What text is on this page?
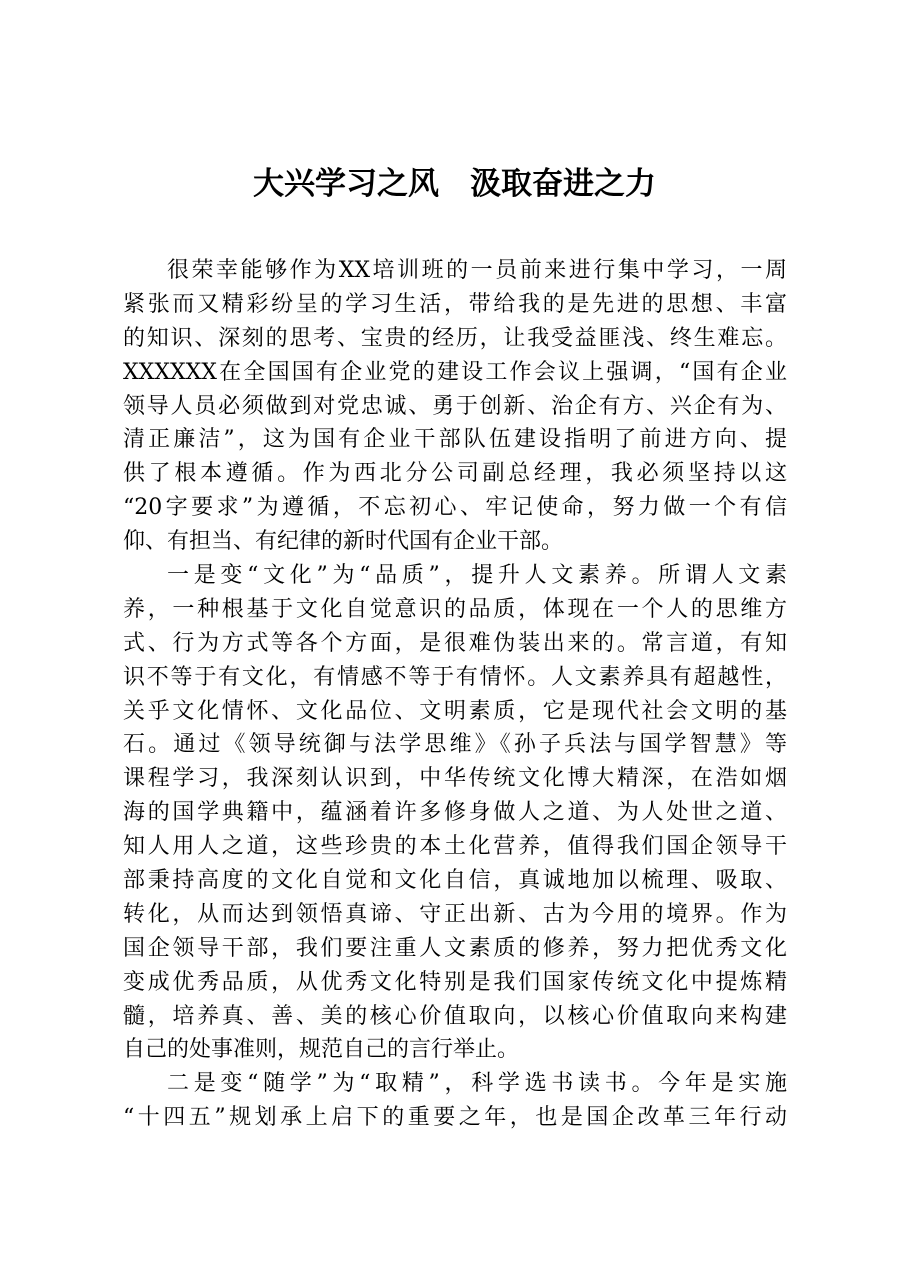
大兴学习之风　汲取奋进之力
很荣幸能够作为XX培训班的一员前来进行集中学习，一周
紧张而又精彩纷呈的学习生活，带给我的是先进的思想、丰富
的知识、深刻的思考、宝贵的经历，让我受益匪浅、终生难忘。
XXXXXX在全国国有企业党的建设工作会议上强调，“国有企业
领导人员必须做到对党忠诚、勇于创新、治企有方、兴企有为、
清正廉洁”，这为国有企业干部队伍建设指明了前进方向、提
供了根本遵循。作为西北分公司副总经理，我必须坚持以这
“20字要求”为遵循，不忘初心、牢记使命，努力做一个有信
仰、有担当、有纪律的新时代国有企业干部。
一是变“文化”为“品质”，提升人文素养。所谓人文素
养，一种根基于文化自觉意识的品质，体现在一个人的思维方
式、行为方式等各个方面，是很难伪装出来的。常言道，有知
识不等于有文化，有情感不等于有情怀。人文素养具有超越性，
关乎文化情怀、文化品位、文明素质，它是现代社会文明的基
石。通过《领导统御与法学思维》《孙子兵法与国学智慧》等
课程学习，我深刻认识到，中华传统文化博大精深，在浩如烟
海的国学典籍中，蕴涵着许多修身做人之道、为人处世之道、
知人用人之道，这些珍贵的本土化营养，值得我们国企领导干
部秉持高度的文化自觉和文化自信，真诚地加以梳理、吸取、
转化，从而达到领悟真谛、守正出新、古为今用的境界。作为
国企领导干部，我们要注重人文素质的修养，努力把优秀文化
变成优秀品质，从优秀文化特别是我们国家传统文化中提炼精
髓，培养真、善、美的核心价值取向，以核心价值取向来构建
自己的处事准则，规范自己的言行举止。
二是变“随学”为“取精”，科学选书读书。今年是实施
“十四五”规划承上启下的重要之年，也是国企改革三年行动
